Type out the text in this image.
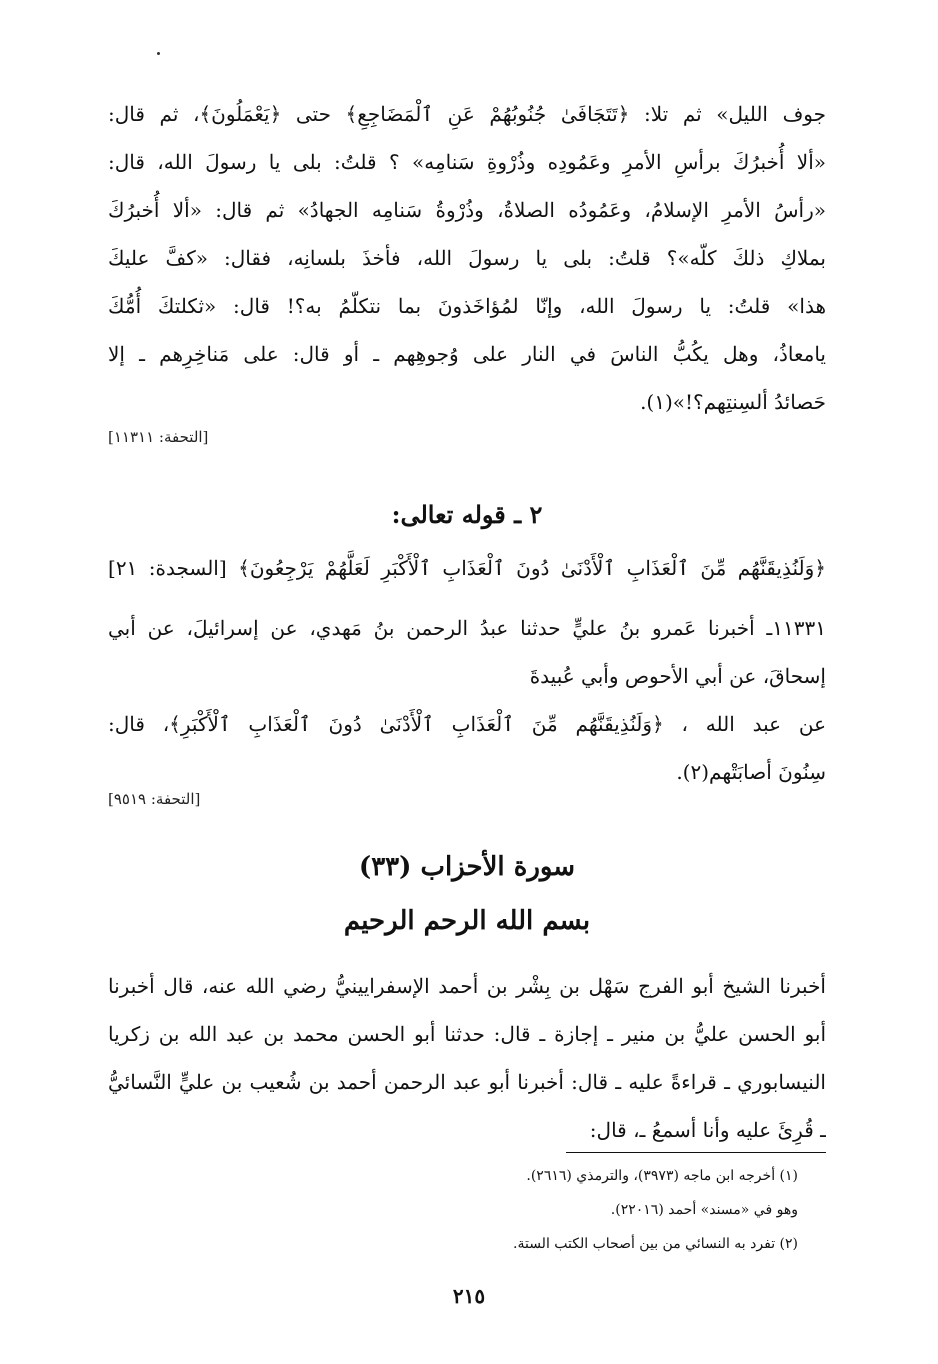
جوف الليل» ثم تلا: ﴿تَتَجَافَىٰ جُنُوبُهُمْ عَنِ ٱلْمَضَاجِعِ﴾ حتى ﴿يَعْمَلُونَ﴾، ثم قال:
«ألا أُخبرُكَ برأسِ الأمرِ وعَمُودِه وذُرْوةِ سَنامِه» ؟ قلتُ: بلى يا رسولَ الله، قال:
«رأسُ الأمرِ الإسلامُ، وعَمُودُه الصلاةُ، وذُرْوةُ سَنامِه الجهادُ» ثم قال: «ألا أُخبرُكَ
بملاكِ ذلكَ كلّه»؟ قلتُ: بلى يا رسولَ الله، فأخذَ بلسانِه، فقال: «كفَّ عليكَ
هذا» قلتُ: يا رسولَ الله، وإنّا لمُؤاخَذونَ بما نتكلّمُ به؟! قال: «ثكلتكَ أُمُّكَ
يامعاذُ، وهل يكُبُّ الناسَ في النار على وُجوهِهم ـ أو قال: على مَناخِرِهم ـ إلا
حَصائدُ ألسِنتِهم؟!»(١).
[التحفة: ١١٣١١]
٢ ـ قوله تعالى:
﴿وَلَنُذِيقَنَّهُم مِّنَ ٱلْعَذَابِ ٱلْأَدْنَىٰ دُونَ ٱلْعَذَابِ ٱلْأَكْبَرِ لَعَلَّهُمْ يَرْجِعُونَ﴾ [السجدة: ٢١]
١١٣٣١ـ أخبرنا عَمرو بنُ عليٍّ حدثنا عبدُ الرحمن بنُ مَهدي، عن إسرائيلَ، عن أبي
إسحاقَ، عن أبي الأحوص وأبي عُبيدةَ
عن عبد الله ، ﴿وَلَنُذِيقَنَّهُم مِّنَ ٱلْعَذَابِ ٱلْأَدْنَىٰ دُونَ ٱلْعَذَابِ ٱلْأَكْبَرِ﴾، قال:
سِنُونَ أصابَتْهم(٢).
[التحفة: ٩٥١٩]
سورة الأحزاب (٣٣)
بسم الله الرحم الرحيم
أخبرنا الشيخ أبو الفرج سَهْل بن بِشْر بن أحمد الإسفرايينيُّ رضي الله عنه، قال أخبرنا
أبو الحسن عليُّ بن منير ـ إجازة ـ قال: حدثنا أبو الحسن محمد بن عبد الله بن زكريا
النيسابوري ـ قراءةً عليه ـ قال: أخبرنا أبو عبد الرحمن أحمد بن شُعيب بن عليٍّ النَّسائيُّ
ـ قُرِئَ عليه وأنا أسمعُ ـ، قال:
(١) أخرجه ابن ماجه (٣٩٧٣)، والترمذي (٢٦١٦).
وهو في «مسند» أحمد (٢٢٠١٦).
(٢) تفرد به النسائي من بين أصحاب الكتب الستة.
٢١٥
